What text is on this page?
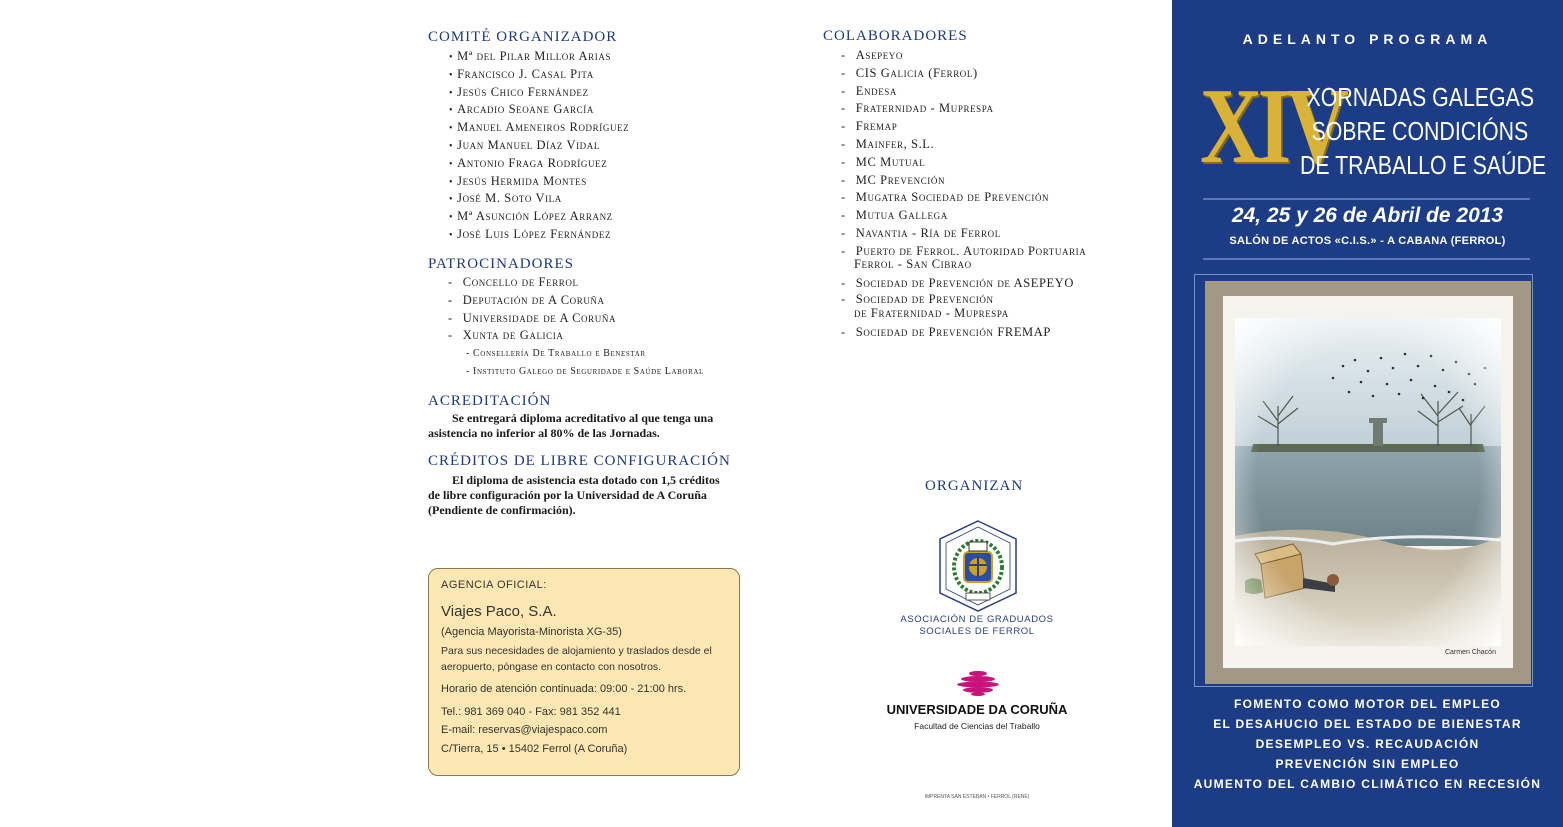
COMITÉ ORGANIZADOR
• Mª del Pilar Millor Arias
• Francisco J. Casal Pita
• Jesús Chico Fernández
• Arcadio Seoane García
• Manuel Ameneiros Rodríguez
• Juan Manuel Díaz Vidal
• Antonio Fraga Rodríguez
• Jesús Hermida Montes
• José M. Soto Vila
• Mª Asunción López Arranz
• José Luis López Fernández
PATROCINADORES
- Concello de Ferrol
- Deputación de A Coruña
- Universidade de A Coruña
- Xunta de Galicia
- Consellería De Traballo e Benestar
- Instituto Galego de Seguridade e Saúde Laboral
ACREDITACIÓN
Se entregará diploma acreditativo al que tenga una
asistencia no inferior al 80% de las Jornadas.
CRÉDITOS DE LIBRE CONFIGURACIÓN
El diploma de asistencia esta dotado con 1,5 créditos
de libre configuración por la Universidad de A Coruña
(Pendiente de confirmación).
AGENCIA OFICIAL:
Viajes Paco, S.A.
(Agencia Mayorista-Minorista XG-35)
Para sus necesidades de alojamiento y traslados desde el
aeropuerto, póngase en contacto con nosotros.
Horario de atención continuada: 09:00 - 21:00 hrs.
Tel.: 981 369 040 - Fax: 981 352 441
E-mail: reservas@viajespaco.com
C/Tierra, 15 • 15402 Ferrol (A Coruña)
COLABORADORES
- Asepeyo
- CIS Galicia (Ferrol)
- Endesa
- Fraternidad - Muprespa
- Fremap
- Mainfer, S.L.
- MC Mutual
- MC Prevención
- Mugatra Sociedad de Prevención
- Mutua Gallega
- Navantia - Ría de Ferrol
- Puerto de Ferrol. Autoridad Portuaria
Ferrol - San Cibrao
- Sociedad de Prevención de ASEPEYO
- Sociedad de Prevención
de Fraternidad - Muprespa
- Sociedad de Prevención FREMAP
ORGANIZAN
ASOCIACIÓN DE GRADUADOS
SOCIALES DE FERROL
UNIVERSIDADE DA CORUÑA
Facultad de Ciencias del Traballo
IMPRENTA SAN ESTEBAN • FERROL (RENE)
ADELANTO PROGRAMA
XIV
XORNADAS GALEGAS
SOBRE CONDICIÓNS
DE TRABALLO E SAÚDE
24, 25 y 26 de Abril de 2013
SALÓN DE ACTOS «C.I.S.» - A CABANA (FERROL)
Carmen Chacón
FOMENTO COMO MOTOR DEL EMPLEO
EL DESAHUCIO DEL ESTADO DE BIENESTAR
DESEMPLEO VS. RECAUDACIÓN
PREVENCIÓN SIN EMPLEO
AUMENTO DEL CAMBIO CLIMÁTICO EN RECESIÓN
